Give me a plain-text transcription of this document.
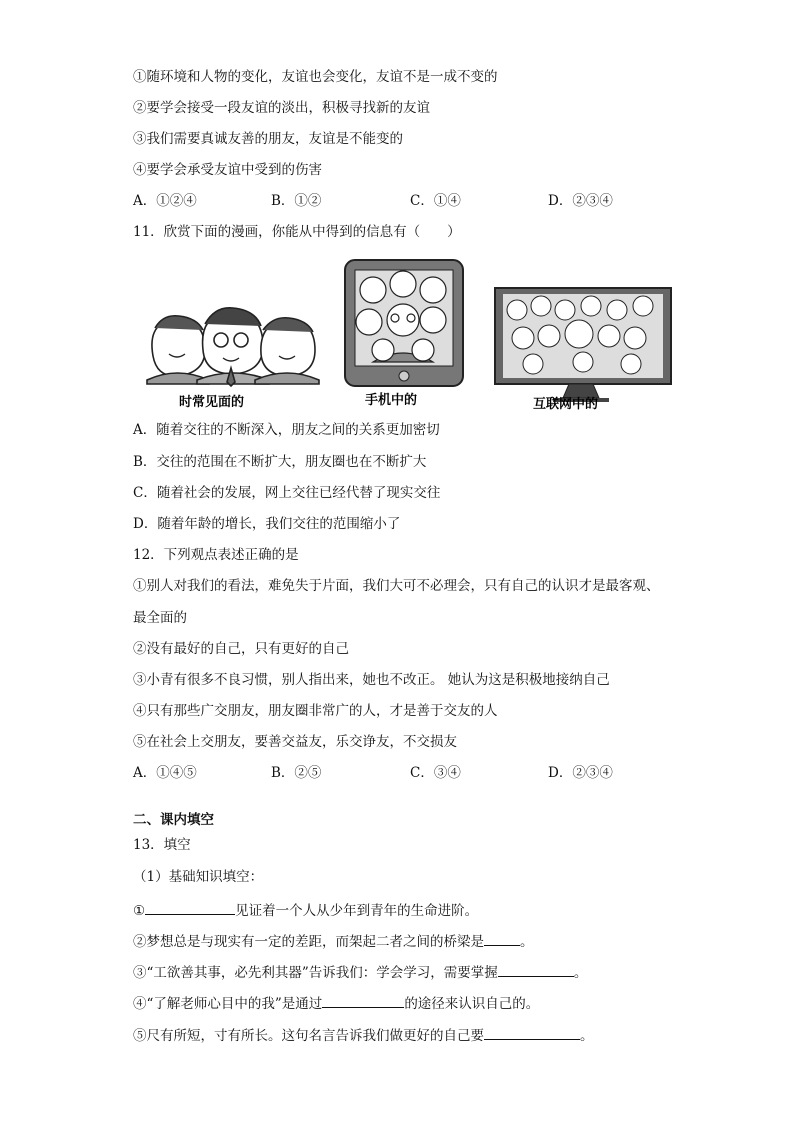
①随环境和人物的变化，友谊也会变化，友谊不是一成不变的
②要学会接受一段友谊的淡出，积极寻找新的友谊
③我们需要真诚友善的朋友，友谊是不能变的
④要学会承受友谊中受到的伤害
A．①②④	B．①②	C．①④	D．②③④
11．欣赏下面的漫画，你能从中得到的信息有（　　）
时常见面的	手机中的	互联网中的
A．随着交往的不断深入，朋友之间的关系更加密切
B．交往的范围在不断扩大，朋友圈也在不断扩大
C．随着社会的发展，网上交往已经代替了现实交往
D．随着年龄的增长，我们交往的范围缩小了
12．下列观点表述正确的是
①别人对我们的看法，难免失于片面，我们大可不必理会，只有自己的认识才是最客观、
最全面的
②没有最好的自己，只有更好的自己
③小青有很多不良习惯，别人指出来，她也不改正。 她认为这是积极地接纳自己
④只有那些广交朋友，朋友圈非常广的人，才是善于交友的人
⑤在社会上交朋友，要善交益友，乐交诤友，不交损友
A．①④⑤	B．②⑤	C．③④	D．②③④
二、课内填空
13．填空
（1）基础知识填空：
①	见证着一个人从少年到青年的生命进阶。
②梦想总是与现实有一定的差距，而架起二者之间的桥梁是	。
③“工欲善其事，必先利其器”告诉我们：学会学习，需要掌握	。
④“了解老师心目中的我”是通过	的途径来认识自己的。
⑤尺有所短，寸有所长。这句名言告诉我们做更好的自己要	。
